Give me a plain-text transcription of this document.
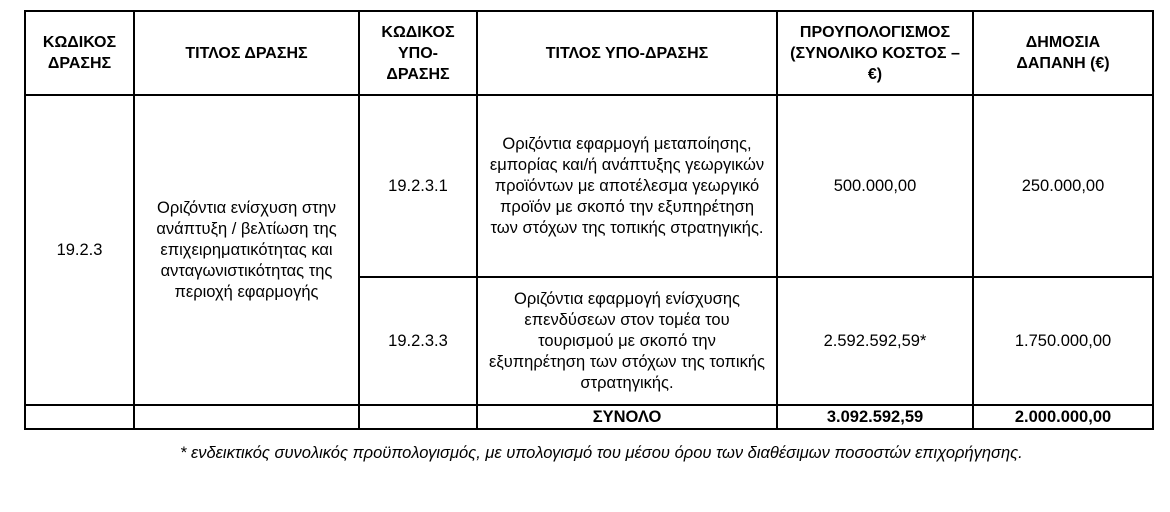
ΚΩΔΙΚΟΣ ΔΡΑΣΗΣ	ΤΙΤΛΟΣ ΔΡΑΣΗΣ	ΚΩΔΙΚΟΣ ΥΠΟ-ΔΡΑΣΗΣ	ΤΙΤΛΟΣ ΥΠΟ-ΔΡΑΣΗΣ	ΠΡΟΥΠΟΛΟΓΙΣΜΟΣ (ΣΥΝΟΛΙΚΟ ΚΟΣΤΟΣ – €)	ΔΗΜΟΣΙΑ ΔΑΠΑΝΗ (€)
19.2.3	Οριζόντια ενίσχυση στην ανάπτυξη / βελτίωση της επιχειρηματικότητας και ανταγωνιστικότητας της περιοχή εφαρμογής	19.2.3.1	Οριζόντια εφαρμογή μεταποίησης, εμπορίας και/ή ανάπτυξης γεωργικών προϊόντων με αποτέλεσμα γεωργικό προϊόν με σκοπό την εξυπηρέτηση των στόχων της τοπικής στρατηγικής.	500.000,00	250.000,00
		19.2.3.3	Οριζόντια εφαρμογή ενίσχυσης επενδύσεων στον τομέα του τουρισμού με σκοπό την εξυπηρέτηση των στόχων της τοπικής στρατηγικής.	2.592.592,59*	1.750.000,00
			ΣΥΝΟΛΟ	3.092.592,59	2.000.000,00
* ενδεικτικός συνολικός προϋπολογισμός, με υπολογισμό του μέσου όρου των διαθέσιμων ποσοστών επιχορήγησης.
